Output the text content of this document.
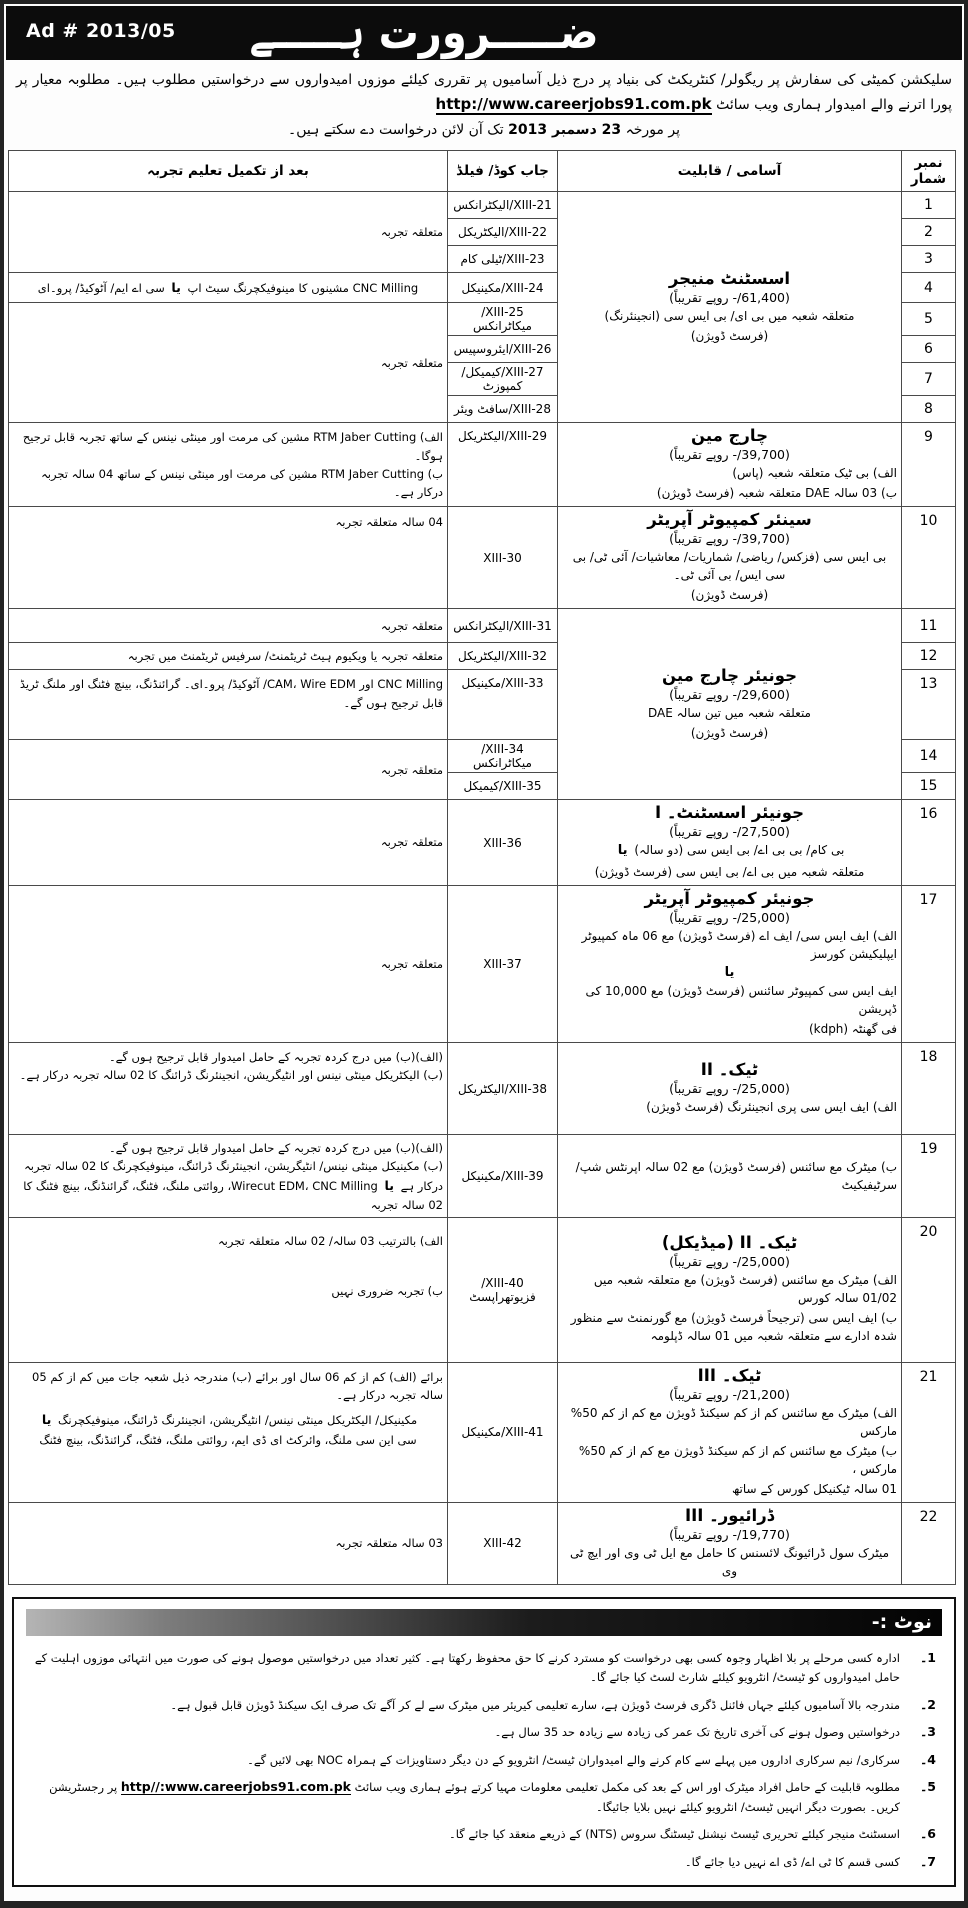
Ad # 2013/05 ضـــــرورت ہـــــے
سلیکشن کمیٹی کی سفارش پر ریگولر/ کنٹریکٹ کی بنیاد پر درج ذیل آسامیوں پر تقرری کیلئے موزوں امیدواروں سے درخواستیں مطلوب ہیں۔ مطلوبہ معیار پر پورا اترنے والے امیدوار ہماری ویب سائٹ http://www.careerjobs91.com.pk
پر مورخہ 23 دسمبر 2013 تک آن لائن درخواست دے سکتے ہیں۔
نمبر شمار	آسامی / قابلیت	جاب کوڈ/ فیلڈ	بعد از تکمیل تعلیم تجربہ
1	اسسٹنٹ منیجر
(61,400/- روپے تقریباً)
متعلقہ شعبہ میں بی ای/ بی ایس سی (انجینئرنگ)
(فرسٹ ڈویژن)	XIII-21/الیکٹرانکس	متعلقہ تجربہ
2		XIII-22/الیکٹریکل	
3		XIII-23/ٹیلی کام	
4		XIII-24/مکینیکل	CNC Milling مشینوں کا مینوفیکچرنگ سیٹ اپ یا سی اے ایم/ آٹوکیڈ/ پرو۔ای
5		XIII-25/میکاٹرانکس	متعلقہ تجربہ
6		XIII-26/ایئروسپیس	
7		XIII-27/کیمیکل/کمپوزٹ	
8		XIII-28/سافٹ ویئر	
9	
چارج مین
(39,700/- روپے تقریباً)
الف) بی ٹیک متعلقہ شعبہ (پاس)
ب) 03 سالہ DAE متعلقہ شعبہ (فرسٹ ڈویژن)
	XIII-29/الیکٹریکل	
الف) RTM Jaber Cutting مشین کی مرمت اور مینٹی نینس کے ساتھ تجربہ قابل ترجیح ہوگا۔
ب) RTM Jaber Cutting مشین کی مرمت اور مینٹی نینس کے ساتھ 04 سالہ تجربہ درکار ہے۔

10	سینئر کمپیوٹر آپریٹر
(39,700/- روپے تقریباً)
بی ایس سی (فزکس/ ریاضی/ شماریات/ معاشیات/ آئی ٹی/ بی سی ایس/ بی آئی ٹی۔
(فرسٹ ڈویژن)	XIII-30	04 سالہ متعلقہ تجربہ
11	جونیئر چارج مین
(29,600/- روپے تقریباً)
متعلقہ شعبہ میں تین سالہ DAE
(فرسٹ ڈویژن)	XIII-31/الیکٹرانکس	متعلقہ تجربہ
12		XIII-32/الیکٹریکل	متعلقہ تجربہ یا ویکیوم ہیٹ ٹریٹمنٹ/ سرفیس ٹریٹمنٹ میں تجربہ
13		XIII-33/مکینیکل	CNC Milling اور CAM، Wire EDM/ آٹوکیڈ/ پرو۔ای۔ گرائنڈنگ، بینچ فٹنگ اور ملنگ ٹریڈ قابل ترجیح ہوں گے۔
14		XIII-34/میکاٹرانکس	متعلقہ تجربہ
15		XIII-35/کیمیکل	
16	جونیئر اسسٹنٹ۔ I
(27,500/- روپے تقریباً)
بی کام/ بی بی اے/ بی ایس سی (دو سالہ) یا
متعلقہ شعبہ میں بی اے/ بی ایس سی (فرسٹ ڈویژن)	XIII-36	متعلقہ تجربہ
17	
جونیئر کمپیوٹر آپریٹر
(25,000/- روپے تقریباً)
الف) ایف ایس سی/ ایف اے (فرسٹ ڈویژن) مع 06 ماہ کمپیوٹر ایپلیکیشن کورسز
یا
ایف ایس سی کمپیوٹر سائنس (فرسٹ ڈویژن) مع 10,000 کی ڈپریشن
فی گھنٹہ (kdph)
	XIII-37	متعلقہ تجربہ
18	
ٹیک۔ II
(25,000/- روپے تقریباً)
الف) ایف ایس سی پری انجینئرنگ (فرسٹ ڈویژن)
	XIII-38/الیکٹریکل	
(الف)(ب) میں درج کردہ تجربہ کے حامل امیدوار قابل ترجیح ہوں گے۔
(ب) الیکٹریکل مینٹی نینس اور انٹیگریشن، انجینئرنگ ڈرائنگ کا 02 سالہ تجربہ درکار ہے۔

19	ب) میٹرک مع سائنس (فرسٹ ڈویژن) مع 02 سالہ اپرنٹس شپ/ سرٹیفیکیٹ	XIII-39/مکینیکل	(الف)(ب) میں درج کردہ تجربہ کے حامل امیدوار قابل ترجیح ہوں گے۔
(ب) مکینیکل مینٹی نینس/ انٹیگریشن، انجینئرنگ ڈرائنگ، مینوفیکچرنگ کا 02 سالہ تجربہ درکار ہے یا Wirecut EDM، CNC Milling، روائتی ملنگ، فٹنگ، گرائنڈنگ، بینچ فٹنگ کا 02 سالہ تجربہ

20	
ٹیک۔ II (میڈیکل)
(25,000/- روپے تقریباً)
الف) میٹرک مع سائنس (فرسٹ ڈویژن) مع متعلقہ شعبہ میں 01/02 سالہ کورس
ب) ایف ایس سی (ترجیحاً فرسٹ ڈویژن) مع گورنمنٹ سے منظور شدہ ادارے سے متعلقہ شعبہ میں 01 سالہ ڈپلومہ
	XIII-40/فزیوتھراپسٹ	
الف) بالترتیب 03 سالہ/ 02 سالہ متعلقہ تجربہ
ب) تجربہ ضروری نہیں

21	
ٹیک۔ III
(21,200/- روپے تقریباً)
الف) میٹرک مع سائنس کم از کم سیکنڈ ڈویژن مع کم از کم 50% مارکس
ب) میٹرک مع سائنس کم از کم سیکنڈ ڈویژن مع کم از کم 50% مارکس ،
01 سالہ ٹیکنیکل کورس کے ساتھ
	XIII-41/مکینیکل	
برائے (الف) کم از کم 06 سال اور برائے (ب) مندرجہ ذیل شعبہ جات میں کم از کم 05 سالہ تجربہ درکار ہے۔
مکینیکل/ الیکٹریکل مینٹی نینس/ انٹیگریشن، انجینئرنگ ڈرائنگ، مینوفیکچرنگ یا
سی این سی ملنگ، وائرکٹ ای ڈی ایم، روائتی ملنگ، فٹنگ، گرائنڈنگ، بینچ فٹنگ

22	ڈرائیور۔ III
(19,770/- روپے تقریباً)
میٹرک سول ڈرائیونگ لائسنس کا حامل مع ایل ٹی وی اور ایچ ٹی وی	XIII-42	03 سالہ متعلقہ تجربہ
نوٹ :-
1۔
ادارہ کسی مرحلے پر بلا اظہار وجوہ کسی بھی درخواست کو مسترد کرنے کا حق محفوظ رکھتا ہے۔ کثیر تعداد میں درخواستیں موصول ہونے کی صورت میں انتہائی موزوں اہلیت کے حامل امیدواروں کو ٹیسٹ/ انٹرویو کیلئے شارٹ لسٹ کیا جائے گا۔
2۔
مندرجہ بالا آسامیوں کیلئے جہاں فائنل ڈگری فرسٹ ڈویژن ہے، سارے تعلیمی کیریئر میں میٹرک سے لے کر آگے تک صرف ایک سیکنڈ ڈویژن قابل قبول ہے۔
3۔
درخواستیں وصول ہونے کی آخری تاریخ تک عمر کی زیادہ سے زیادہ حد 35 سال ہے۔
4۔
سرکاری/ نیم سرکاری اداروں میں پہلے سے کام کرنے والے امیدواران ٹیسٹ/ انٹرویو کے دن دیگر دستاویزات کے ہمراہ NOC بھی لائیں گے۔
5۔
مطلوبہ قابلیت کے حامل افراد میٹرک اور اس کے بعد کی مکمل تعلیمی معلومات مہیا کرتے ہوئے ہماری ویب سائٹ http//:www.careerjobs91.com.pk پر رجسٹریشن کریں۔ بصورت دیگر انہیں ٹیسٹ/ انٹرویو کیلئے نہیں بلایا جائیگا۔
6۔
اسسٹنٹ منیجر کیلئے تحریری ٹیسٹ نیشنل ٹیسٹنگ سروس (NTS) کے ذریعے منعقد کیا جائے گا۔
7۔
کسی قسم کا ٹی اے/ ڈی اے نہیں دیا جائے گا۔
